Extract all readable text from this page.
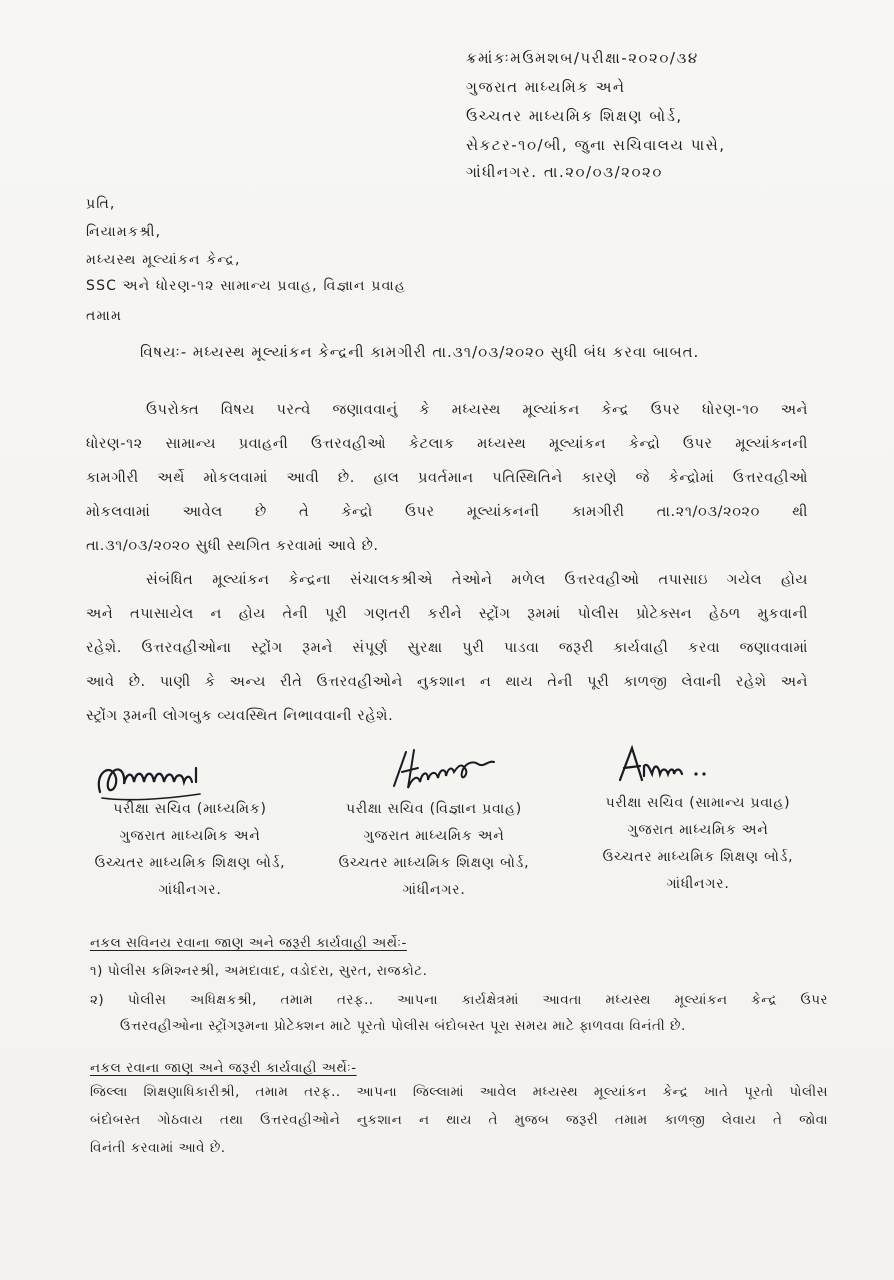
ક્રમાંકઃમઉમશબ/પરીક્ષા-૨૦૨૦/૩૪
ગુજરાત માધ્યમિક અને
ઉચ્ચતર માધ્યમિક શિક્ષણ બોર્ડ,
સેકટર-૧૦/બી, જુના સચિવાલય પાસે,
ગાંધીનગર. તા.૨૦/૦૩/૨૦૨૦
પ્રતિ,
નિયામકશ્રી,
મધ્યસ્થ મૂલ્યાંકન કેન્દ્ર,
SSC અને ધોરણ-૧૨ સામાન્ય પ્રવાહ, વિજ્ઞાન પ્રવાહ
તમામ
વિષયઃ- મધ્યસ્થ મૂલ્યાંકન કેન્દ્રની કામગીરી તા.૩૧/૦૩/૨૦૨૦ સુધી બંધ કરવા બાબત.
ઉપરોક્ત વિષય પરત્વે જણાવવાનું કે મધ્યસ્થ મૂલ્યાંકન કેન્દ્ર ઉપર ધોરણ-૧૦ અને
ધોરણ-૧૨ સામાન્ય પ્રવાહની ઉત્તરવહીઓ કેટલાક મધ્યસ્થ મૂલ્યાંકન કેન્દ્રો ઉપર મૂલ્યાંકનની
કામગીરી અર્થે મોકલવામાં આવી છે. હાલ પ્રવર્તમાન પતિસ્થિતિને કારણે જે કેન્દ્રોમાં ઉત્તરવહીઓ
મોકલવામાં આવેલ છે તે કેન્દ્રો ઉપર મૂલ્યાંકનની કામગીરી તા.૨૧/૦૩/૨૦૨૦ થી
તા.૩૧/૦૩/૨૦૨૦ સુધી સ્થગિત કરવામાં આવે છે.
સંબંધિત મૂલ્યાંકન કેન્દ્રના સંચાલકશ્રીએ તેઓને મળેલ ઉત્તરવહીઓ તપાસાઇ ગયેલ હોય
અને તપાસાયેલ ન હોય તેની પૂરી ગણતરી કરીને સ્ટ્રોંગ રૂમમાં પોલીસ પ્રોટેક્સન હેઠળ મુકવાની
રહેશે. ઉત્તરવહીઓના સ્ટ્રોંગ રૂમને સંપૂર્ણ સુરક્ષા પુરી પાડવા જરૂરી કાર્યવાહી કરવા જણાવવામાં
આવે છે. પાણી કે અન્ય રીતે ઉત્તરવહીઓને નુકશાન ન થાય તેની પૂરી કાળજી લેવાની રહેશે અને
સ્ટ્રોંગ રૂમની લોગબુક વ્યવસ્થિત નિભાવવાની રહેશે.
પરીક્ષા સચિવ (માધ્યમિક)
ગુજરાત માધ્યમિક અને
ઉચ્ચતર માધ્યમિક શિક્ષણ બોર્ડ,
ગાંધીનગર.
પરીક્ષા સચિવ (વિજ્ઞાન પ્રવાહ)
ગુજરાત માધ્યમિક અને
ઉચ્ચતર માધ્યમિક શિક્ષણ બોર્ડ,
ગાંધીનગર.
પરીક્ષા સચિવ (સામાન્ય પ્રવાહ)
ગુજરાત માધ્યમિક અને
ઉચ્ચતર માધ્યમિક શિક્ષણ બોર્ડ,
ગાંધીનગર.
નકલ સવિનય રવાના જાણ અને જરૂરી કાર્યવાહી અર્થેઃ-
૧) પોલીસ કમિશ્નરશ્રી, અમદાવાદ, વડોદરા, સુરત, રાજકોટ.
૨) પોલીસ અધિક્ષકશ્રી, તમામ તરફ.. આપના કાર્યક્ષેત્રમાં આવતા મધ્યસ્થ મૂલ્યાંકન કેન્દ્ર ઉપર
ઉત્તરવહીઓના સ્ટ્રોંગરૂમના પ્રોટેક્શન માટે પૂરતો પોલીસ બંદોબસ્ત પૂરા સમય માટે ફાળવવા વિનંતી છે.
નકલ રવાના જાણ અને જરૂરી કાર્યવાહી અર્થેઃ-
જિલ્લા શિક્ષણાધિકારીશ્રી, તમામ તરફ.. આપના જિલ્લામાં આવેલ મધ્યસ્થ મૂલ્યાંકન કેન્દ્ર ખાતે પૂરતો પોલીસ
બંદોબસ્ત ગોઠવાય તથા ઉત્તરવહીઓને નુકશાન ન થાય તે મુજબ જરૂરી તમામ કાળજી લેવાય તે જોવા
વિનંતી કરવામાં આવે છે.
